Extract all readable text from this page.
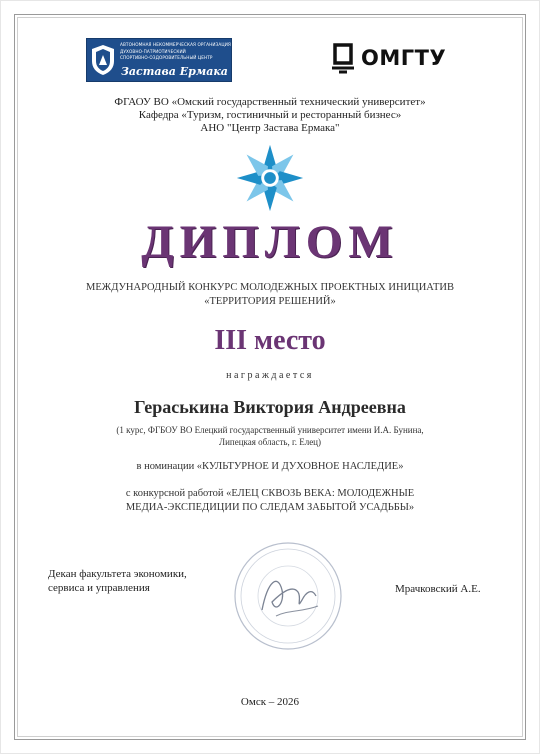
АВТОНОМНАЯ НЕКОММЕРЧЕСКАЯ ОРГАНИЗАЦИЯ
ДУХОВНО-ПАТРИОТИЧЕСКИЙ
СПОРТИВНО-ОЗДОРОВИТЕЛЬНЫЙ ЦЕНТР
Застава Ермака
ОМГТУ
ФГАОУ ВО «Омский государственный технический университет»
Кафедра «Туризм, гостиничный и ресторанный бизнес»
АНО "Центр Застава Ермака"
ДИПЛОМ
МЕЖДУНАРОДНЫЙ КОНКУРС МОЛОДЕЖНЫХ ПРОЕКТНЫХ ИНИЦИАТИВ
«ТЕРРИТОРИЯ РЕШЕНИЙ»
III место
награждается
Гераськина Виктория Андреевна
(1 курс, ФГБОУ ВО Елецкий государственный университет имени И.А. Бунина,
Липецкая область, г. Елец)
в номинации «КУЛЬТУРНОЕ И ДУХОВНОЕ НАСЛЕДИЕ»
с конкурсной работой «ЕЛЕЦ СКВОЗЬ ВЕКА: МОЛОДЕЖНЫЕ
МЕДИА-ЭКСПЕДИЦИИ ПО СЛЕДАМ ЗАБЫТОЙ УСАДЬБЫ»
Декан факультета экономики,
сервиса и управления	Мрачковский А.Е.
Омск – 2026
